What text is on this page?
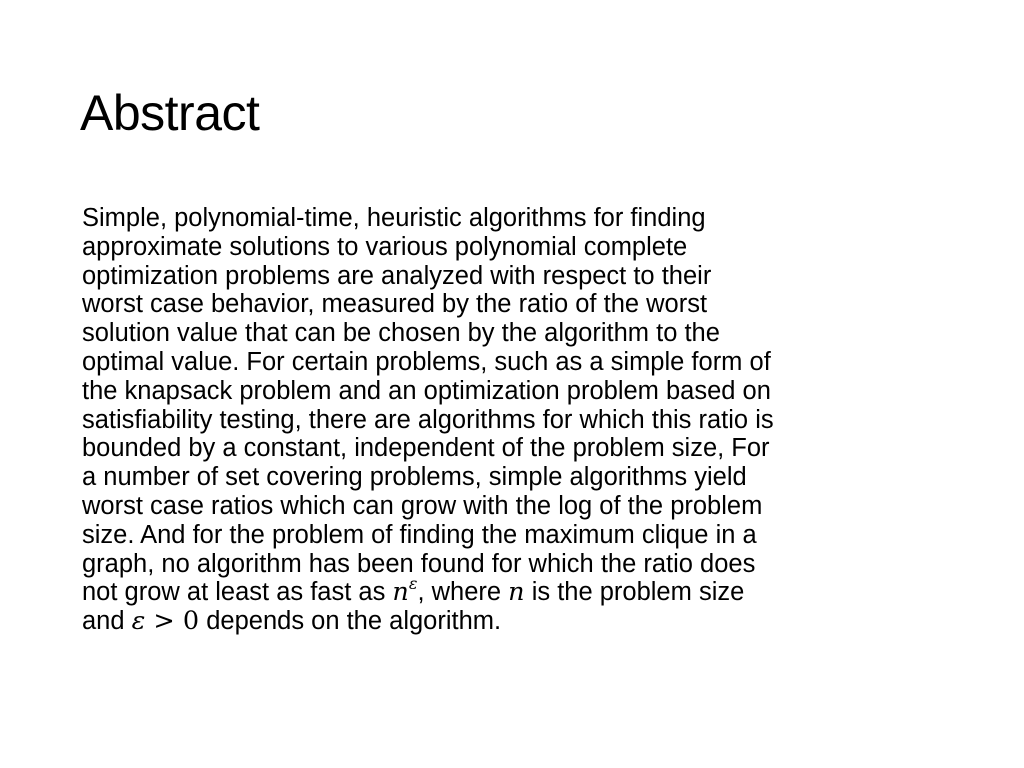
Abstract
Simple, polynomial-time, heuristic algorithms for finding
approximate solutions to various polynomial complete
optimization problems are analyzed with respect to their
worst case behavior, measured by the ratio of the worst
solution value that can be chosen by the algorithm to the
optimal value. For certain problems, such as a simple form of
the knapsack problem and an optimization problem based on
satisfiability testing, there are algorithms for which this ratio is
bounded by a constant, independent of the problem size, For
a number of set covering problems, simple algorithms yield
worst case ratios which can grow with the log of the problem
size. And for the problem of finding the maximum clique in a
graph, no algorithm has been found for which the ratio does
not grow at least as fast as $n^\varepsilon$, where n is the problem size
and ε > 0 depends on the algorithm.
